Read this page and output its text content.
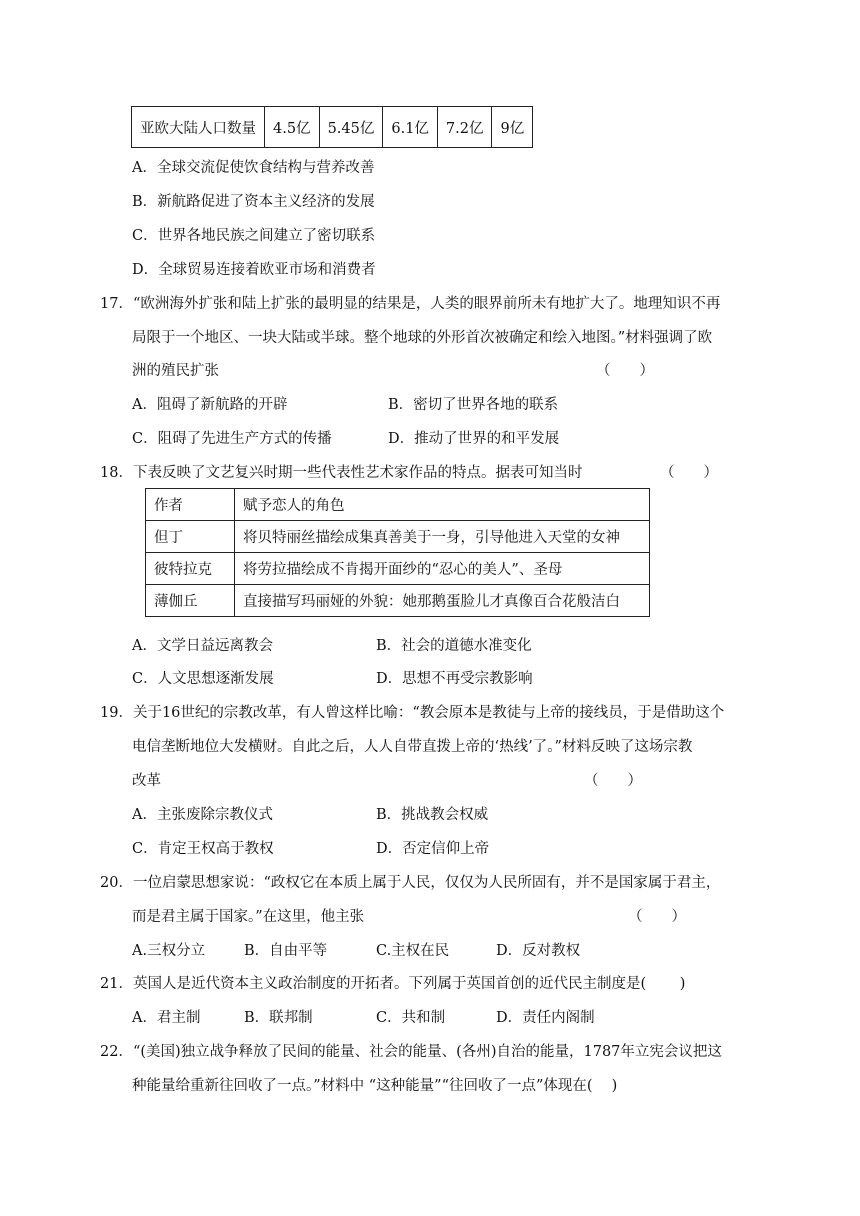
亚欧大陆人口数量	4.5亿	5.45亿	6.1亿	7.2亿	9亿
A．全球交流促使饮食结构与营养改善
B．新航路促进了资本主义经济的发展
C．世界各地民族之间建立了密切联系
D．全球贸易连接着欧亚市场和消费者
17．“欧洲海外扩张和陆上扩张的最明显的结果是，人类的眼界前所未有地扩大了。地理知识不再
局限于一个地区、一块大陆或半球。整个地球的外形首次被确定和绘入地图。”材料强调了欧
洲的殖民扩张	（　　）
A．阻碍了新航路的开辟	B．密切了世界各地的联系
C．阻碍了先进生产方式的传播	D．推动了世界的和平发展
18．下表反映了文艺复兴时期一些代表性艺术家作品的特点。据表可知当时	（　　）
作者	赋予恋人的角色
但丁	将贝特丽丝描绘成集真善美于一身，引导他进入天堂的女神
彼特拉克	将劳拉描绘成不肯揭开面纱的“忍心的美人”、圣母
薄伽丘	直接描写玛丽娅的外貌：她那鹅蛋脸儿才真像百合花般洁白
A．文学日益远离教会	B．社会的道德水准变化
C．人文思想逐渐发展	D．思想不再受宗教影响
19．关于16世纪的宗教改革，有人曾这样比喻：“教会原本是教徒与上帝的接线员，于是借助这个
电信垄断地位大发横财。自此之后，人人自带直拨上帝的‘热线’了。”材料反映了这场宗教
改革	（　　）
A．主张废除宗教仪式	B．挑战教会权威
C．肯定王权高于教权	D．否定信仰上帝
20．一位启蒙思想家说：“政权它在本质上属于人民，仅仅为人民所固有，并不是国家属于君主，
而是君主属于国家。”在这里，他主张	（　　）
A.三权分立	B．自由平等	C.主权在民	D．反对教权
21．英国人是近代资本主义政治制度的开拓者。下列属于英国首创的近代民主制度是(　　 )
A．君主制	B．联邦制	C．共和制	D．责任内阁制
22．“(美国)独立战争释放了民间的能量、社会的能量、(各州)自治的能量，1787年立宪会议把这
种能量给重新往回收了一点。”材料中 “这种能量”“往回收了一点”体现在(　 )
